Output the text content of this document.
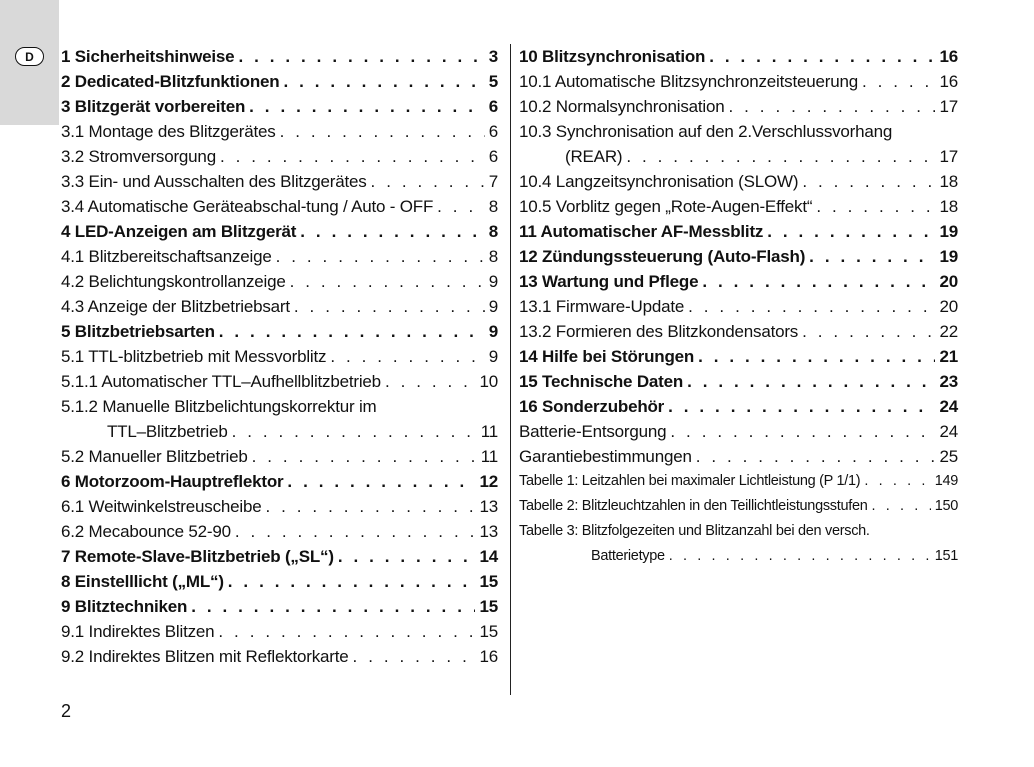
D	1 Sicherheitshinweise . . .	3
2 Dedicated-Blitzfunktionen . . .	5
3 Blitzgerät vorbereiten . . .	6
3.1 Montage des Blitzgerätes . . .	6
3.2 Stromversorgung . . .	6
3.3 Ein- und Ausschalten des Blitzgerätes . . .	7
3.4 Automatische Geräteabschal-tung / Auto - OFF . . .	8
4 LED-Anzeigen am Blitzgerät . . .	8
4.1 Blitzbereitschaftsanzeige . . .	8
4.2 Belichtungskontrollanzeige . . .	9
4.3 Anzeige der Blitzbetriebsart . . .	9
5 Blitzbetriebsarten . . .	9
5.1 TTL-blitzbetrieb mit Messvorblitz . . .	9
5.1.1 Automatischer TTL–Aufhellblitzbetrieb . . .	10
5.1.2 Manuelle Blitzbelichtungskorrektur im
TTL–Blitzbetrieb . . .	11
5.2 Manueller Blitzbetrieb . . .	11
6 Motorzoom-Hauptreflektor . . .	12
6.1 Weitwinkelstreuscheibe . . .	13
6.2 Mecabounce 52-90 . . .	13
7 Remote-Slave-Blitzbetrieb („SL“) . . .	14
8 Einstelllicht („ML“) . . .	15
9 Blitztechniken . . .	15
9.1 Indirektes Blitzen . . .	15
9.2 Indirektes Blitzen mit Reflektorkarte . . .	16
10 Blitzsynchronisation . . .	16
10.1 Automatische Blitzsynchronzeitsteuerung . . .	16
10.2 Normalsynchronisation . . .	17
10.3 Synchronisation auf den 2.Verschlussvorhang
(REAR) . . .	17
10.4 Langzeitsynchronisation (SLOW) . . .	18
10.5 Vorblitz gegen „Rote-Augen-Effekt“ . . .	18
11 Automatischer AF-Messblitz . . .	19
12 Zündungssteuerung (Auto-Flash) . . .	19
13 Wartung und Pflege . . .	20
13.1 Firmware-Update . . .	20
13.2 Formieren des Blitzkondensators . . .	22
14 Hilfe bei Störungen . . .	21
15 Technische Daten . . .	23
16 Sonderzubehör . . .	24
Batterie-Entsorgung . . .	24
Garantiebestimmungen . . .	25
Tabelle 1: Leitzahlen bei maximaler Lichtleistung (P 1/1) . . .	149
Tabelle 2: Blitzleuchtzahlen in den Teillichtleistungsstufen . . .	150
Tabelle 3: Blitzfolgezeiten und Blitzanzahl bei den versch.
Batterietype . . .	151
2
